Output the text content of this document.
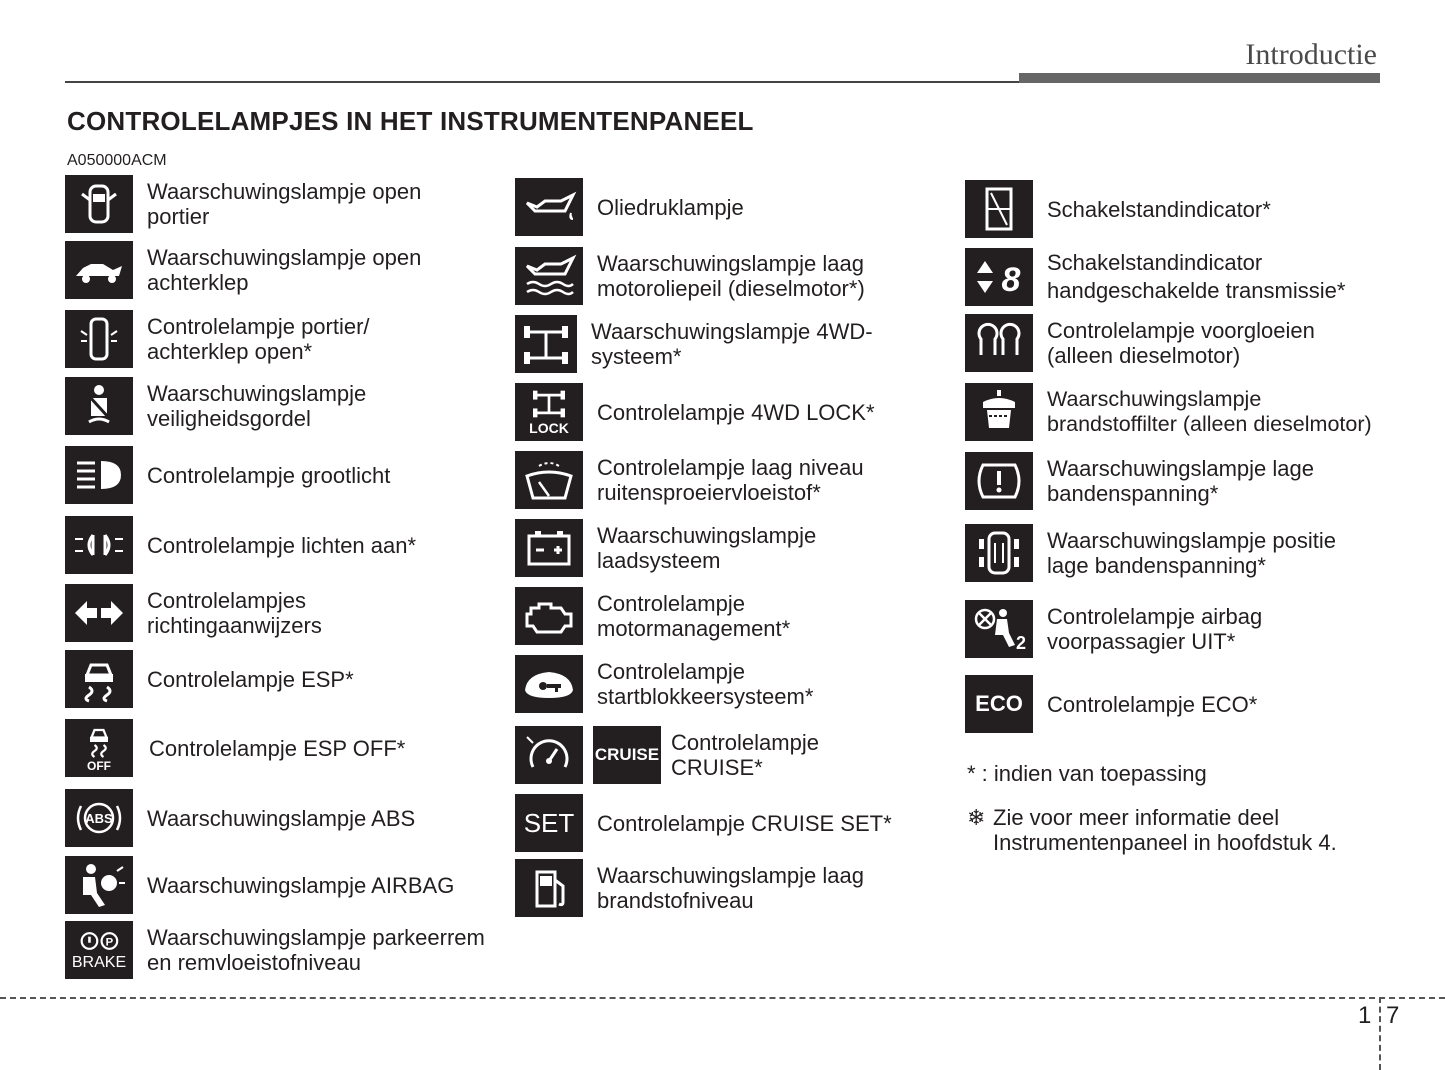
Introductie
CONTROLELAMPJES IN HET INSTRUMENTENPANEEL
A050000ACM
Waarschuwingslampje open portier
Waarschuwingslampje open achterklep
Controlelampje portier/ achterklep open*
Waarschuwingslampje veiligheidsgordel
Controlelampje grootlicht
Controlelampje lichten aan*
Controlelampjes richtingaanwijzers
Controlelampje ESP*
OFF
Controlelampje ESP OFF*
ABS Waarschuwingslampje ABS
Waarschuwingslampje AIRBAG
P
BRAKE
Waarschuwingslampje parkeerrem en remvloeistofniveau
Oliedruklampje
Waarschuwingslampje laag motoroliepeil (dieselmotor*)
Waarschuwingslampje 4WD-systeem*
LOCK
Controlelampje 4WD LOCK*
Controlelampje laag niveau ruitensproeiervloeistof*
Waarschuwingslampje laadsysteem
Controlelampje motormanagement*
Controlelampje startblokkeersysteem*
CRUISE Controlelampje CRUISE*
SET	Controlelampje CRUISE SET*
Waarschuwingslampje laag brandstofniveau
Schakelstandindicator*
8 Schakelstandindicator handgeschakelde transmissie*
Controlelampje voorgloeien (alleen dieselmotor)
Waarschuwingslampje brandstoffilter (alleen dieselmotor)
Waarschuwingslampje lage bandenspanning*
Waarschuwingslampje positie lage bandenspanning*
2
Controlelampje airbag voorpassagier UIT*
ECO	Controlelampje ECO*
* : indien van toepassing
❄ Zie voor meer informatie deel Instrumentenpaneel in hoofdstuk 4.
1 7
